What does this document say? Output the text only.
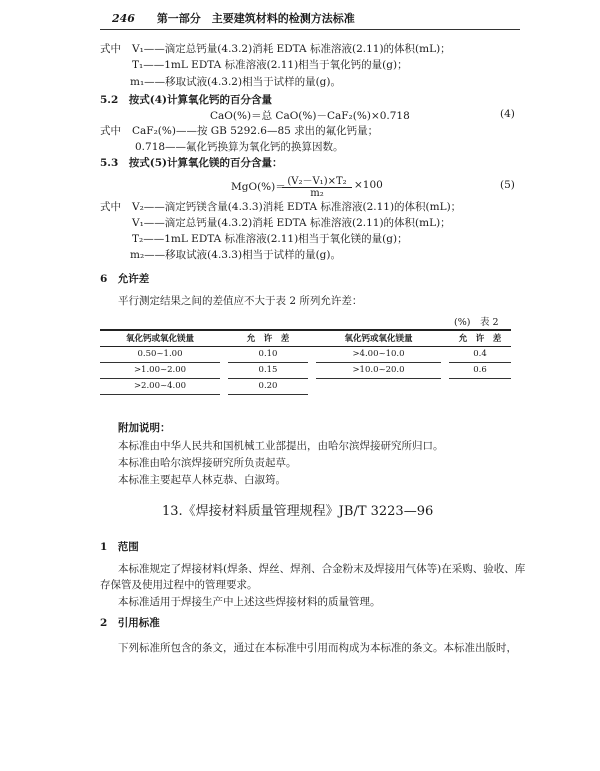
246 第一部分　主要建筑材料的检测方法标准
式中 V₁——滴定总钙量(4.3.2)消耗 EDTA 标准溶液(2.11)的体积(mL)；
T₁——1mL EDTA 标准溶液(2.11)相当于氧化钙的量(g)；
m₁——移取试液(4.3.2)相当于试样的量(g)。
5.2　按式(4)计算氧化钙的百分含量
CaO(%)＝总 CaO(%)－CaF₂(%)×0.718	(4)
式中 CaF₂(%)——按 GB 5292.6—85 求出的氟化钙量；
0.718——氟化钙换算为氧化钙的换算因数。
5.3　按式(5)计算氧化镁的百分含量：
MgO(%)＝
$\frac{\text{(V₂－V₁)×T₂}}{\text{m₂}} \times 100$	(5)
式中 V₂——滴定钙镁含量(4.3.3)消耗 EDTA 标准溶液(2.11)的体积(mL)；
V₁——滴定总钙量(4.3.2)消耗 EDTA 标准溶液(2.11)的体积(mL)；
T₂——1mL EDTA 标准溶液(2.11)相当于氧化镁的量(g)；
m₂——移取试液(4.3.3)相当于试样的量(g)。
6　允许差
平行测定结果之间的差值应不大于表 2 所列允许差：
(%)　表 2
氧化钙或氧化镁量		允　许　差		氧化钙或氧化镁量		允　许　差
0.50~1.00		0.10		>4.00~10.0		0.4
>1.00~2.00		0.15		>10.0~20.0		0.6
>2.00~4.00		0.20				
附加说明：
本标准由中华人民共和国机械工业部提出，由哈尔滨焊接研究所归口。
本标准由哈尔滨焊接研究所负责起草。
本标准主要起草人林克恭、白淑筠。
13.《焊接材料质量管理规程》JB/T 3223—96
1　范围
本标准规定了焊接材料(焊条、焊丝、焊剂、合金粉末及焊接用气体等)在采购、验收、库
存保管及使用过程中的管理要求。
本标准适用于焊接生产中上述这些焊接材料的质量管理。
2　引用标准
下列标准所包含的条文，通过在本标准中引用而构成为本标准的条文。本标准出版时，
